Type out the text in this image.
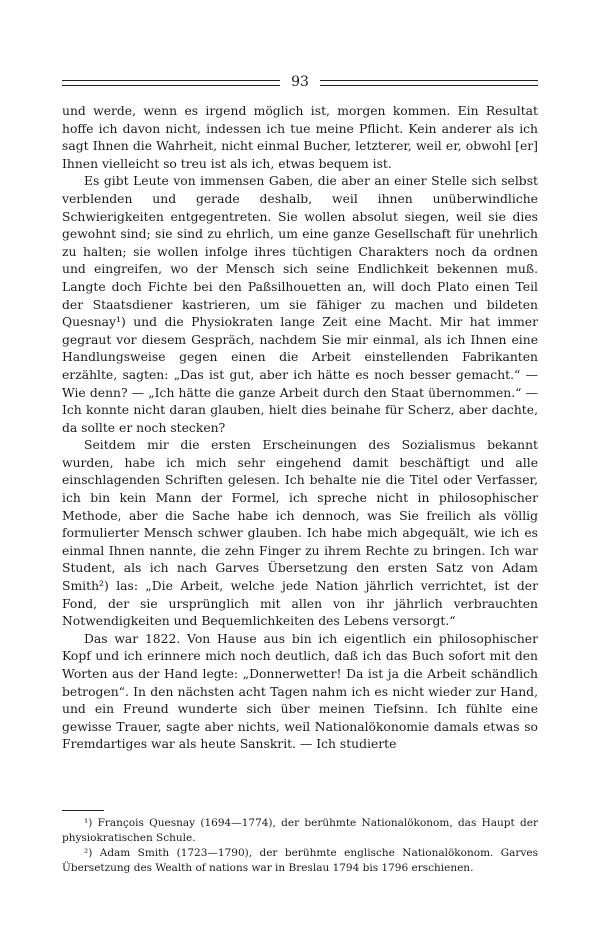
93

und werde, wenn es irgend möglich ist, morgen kommen. Ein Resultat hoffe ich davon nicht, indessen ich tue meine Pflicht. Kein anderer als ich sagt Ihnen die Wahrheit, nicht einmal Bucher, letzterer, weil er, obwohl [er] Ihnen vielleicht so treu ist als ich, etwas bequem ist.

Es gibt Leute von immensen Gaben, die aber an einer Stelle sich selbst verblenden und gerade deshalb, weil ihnen unüberwindliche Schwierigkeiten entgegentreten. Sie wollen absolut siegen, weil sie dies gewohnt sind; sie sind zu ehrlich, um eine ganze Gesellschaft für unehrlich zu halten; sie wollen infolge ihres tüchtigen Charakters noch da ordnen und eingreifen, wo der Mensch sich seine Endlichkeit bekennen muß. Langte doch Fichte bei den Paßsilhouetten an, will doch Plato einen Teil der Staatsdiener kastrieren, um sie fähiger zu machen und bildeten Quesnay¹) und die Physiokraten lange Zeit eine Macht. Mir hat immer gegraut vor diesem Gespräch, nachdem Sie mir einmal, als ich Ihnen eine Handlungsweise gegen einen die Arbeit einstellenden Fabrikanten erzählte, sagten: „Das ist gut, aber ich hätte es noch besser gemacht.“ — Wie denn? — „Ich hätte die ganze Arbeit durch den Staat übernommen.“ — Ich konnte nicht daran glauben, hielt dies beinahe für Scherz, aber dachte, da sollte er noch stecken?

Seitdem mir die ersten Erscheinungen des Sozialismus bekannt wurden, habe ich mich sehr eingehend damit beschäftigt und alle einschlagenden Schriften gelesen. Ich behalte nie die Titel oder Verfasser, ich bin kein Mann der Formel, ich spreche nicht in philosophischer Methode, aber die Sache habe ich dennoch, was Sie freilich als völlig formulierter Mensch schwer glauben. Ich habe mich abgequält, wie ich es einmal Ihnen nannte, die zehn Finger zu ihrem Rechte zu bringen. Ich war Student, als ich nach Garves Übersetzung den ersten Satz von Adam Smith²) las: „Die Arbeit, welche jede Nation jährlich verrichtet, ist der Fond, der sie ursprünglich mit allen von ihr jährlich verbrauchten Notwendigkeiten und Bequemlichkeiten des Lebens versorgt.“

Das war 1822. Von Hause aus bin ich eigentlich ein philosophischer Kopf und ich erinnere mich noch deutlich, daß ich das Buch sofort mit den Worten aus der Hand legte: „Donnerwetter! Da ist ja die Arbeit schändlich betrogen“. In den nächsten acht Tagen nahm ich es nicht wieder zur Hand, und ein Freund wunderte sich über meinen Tiefsinn. Ich fühlte eine gewisse Trauer, sagte aber nichts, weil Nationalökonomie damals etwas so Fremdartiges war als heute Sanskrit. — Ich studierte

¹) François Quesnay (1694—1774), der berühmte Nationalökonom, das Haupt der physiokratischen Schule.

²) Adam Smith (1723—1790), der berühmte englische Nationalökonom. Garves Übersetzung des Wealth of nations war in Breslau 1794 bis 1796 erschienen.
